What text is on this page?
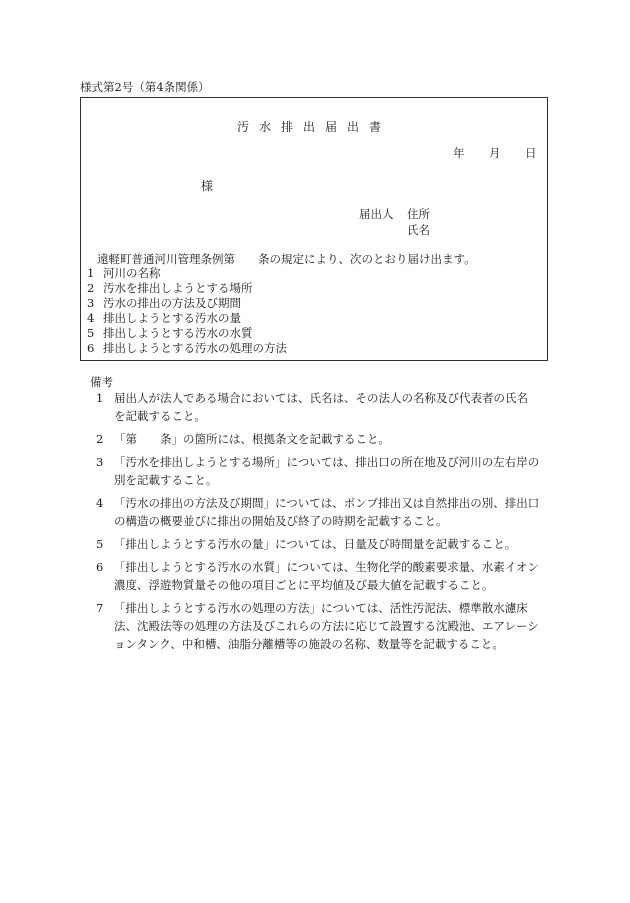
様式第2号（第4条関係）
汚水排出届出書
年 月 日
様
届出人 住所
氏名
遠軽町普通河川管理条例第　　条の規定により、次のとおり届け出ます。
1 河川の名称
2 汚水を排出しようとする場所
3 汚水の排出の方法及び期間
4 排出しようとする汚水の量
5 排出しようとする汚水の水質
6 排出しようとする汚水の処理の方法
備考
1 届出人が法人である場合においては、氏名は、その法人の名称及び代表者の氏名を記載すること。
2 「第　　条」の箇所には、根拠条文を記載すること。
3 「汚水を排出しようとする場所」については、排出口の所在地及び河川の左右岸の別を記載すること。
4 「汚水の排出の方法及び期間」については、ポンプ排出又は自然排出の別、排出口の構造の概要並びに排出の開始及び終了の時期を記載すること。
5 「排出しようとする汚水の量」については、日量及び時間量を記載すること。
6 「排出しようとする汚水の水質」については、生物化学的酸素要求量、水素イオン濃度、浮遊物質量その他の項目ごとに平均値及び最大値を記載すること。
7 「排出しようとする汚水の処理の方法」については、活性汚泥法、標準散水濾床法、沈殿法等の処理の方法及びこれらの方法に応じて設置する沈殿池、エアレーションタンク、中和槽、油脂分離槽等の施設の名称、数量等を記載すること。
